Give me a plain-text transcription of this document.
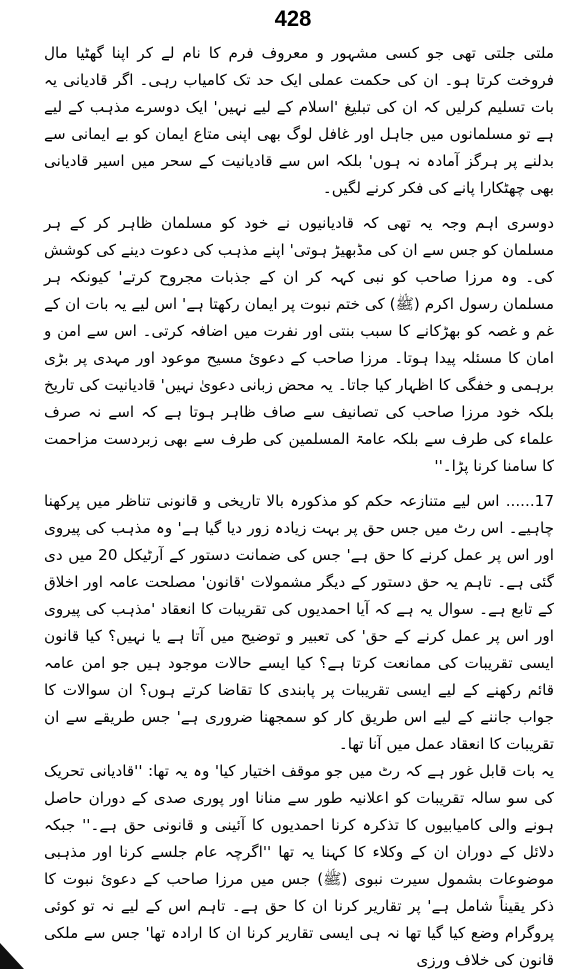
428

ملتی جلتی تھی جو کسی مشہور و معروف فرم کا نام لے کر اپنا گھٹیا مال فروخت کرتا ہو۔ ان کی حکمت عملی ایک حد تک کامیاب رہی۔ اگر قادیانی یہ بات تسلیم کرلیں کہ ان کی تبلیغ 'اسلام کے لیے نہیں' ایک دوسرے مذہب کے لیے ہے تو مسلمانوں میں جاہل اور غافل لوگ بھی اپنی متاع ایمان کو بے ایمانی سے بدلنے پر ہرگز آمادہ نہ ہوں' بلکہ اس سے قادیانیت کے سحر میں اسیر قادیانی بھی چھٹکارا پانے کی فکر کرنے لگیں۔

دوسری اہم وجہ یہ تھی کہ قادیانیوں نے خود کو مسلمان ظاہر کر کے ہر مسلمان کو جس سے ان کی مڈبھیڑ ہوتی' اپنے مذہب کی دعوت دینے کی کوشش کی۔ وہ مرزا صاحب کو نبی کہہ کر ان کے جذبات مجروح کرتے' کیونکہ ہر مسلمان رسول اکرم (ﷺ) کی ختم نبوت پر ایمان رکھتا ہے' اس لیے یہ بات ان کے غم و غصہ کو بھڑکانے کا سبب بنتی اور نفرت میں اضافہ کرتی۔ اس سے امن و امان کا مسئلہ پیدا ہوتا۔ مرزا صاحب کے دعوئ مسیح موعود اور مہدی پر بڑی برہمی و خفگی کا اظہار کیا جاتا۔ یہ محض زبانی دعویٰ نہیں' قادیانیت کی تاریخ بلکہ خود مرزا صاحب کی تصانیف سے صاف ظاہر ہوتا ہے کہ اسے نہ صرف علماء کی طرف سے بلکہ عامۃ المسلمین کی طرف سے بھی زبردست مزاحمت کا سامنا کرنا پڑا۔''

17...... اس لیے متنازعہ حکم کو مذکورہ بالا تاریخی و قانونی تناظر میں پرکھنا چاہیے۔ اس رٹ میں جس حق پر بہت زیادہ زور دیا گیا ہے' وہ مذہب کی پیروی اور اس پر عمل کرنے کا حق ہے' جس کی ضمانت دستور کے آرٹیکل 20 میں دی گئی ہے۔ تاہم یہ حق دستور کے دیگر مشمولات 'قانون' مصلحت عامہ اور اخلاق کے تابع ہے۔ سوال یہ ہے کہ آیا احمدیوں کی تقریبات کا انعقاد 'مذہب کی پیروی اور اس پر عمل کرنے کے حق' کی تعبیر و توضیح میں آتا ہے یا نہیں؟ کیا قانون ایسی تقریبات کی ممانعت کرتا ہے؟ کیا ایسے حالات موجود ہیں جو امن عامہ قائم رکھنے کے لیے ایسی تقریبات پر پابندی کا تقاضا کرتے ہوں؟ ان سوالات کا جواب جاننے کے لیے اس طریق کار کو سمجھنا ضروری ہے' جس طریقے سے ان تقریبات کا انعقاد عمل میں آنا تھا۔

یہ بات قابل غور ہے کہ رٹ میں جو موقف اختیار کیا' وہ یہ تھا: ''قادیانی تحریک کی سو سالہ تقریبات کو اعلانیہ طور سے منانا اور پوری صدی کے دوران حاصل ہونے والی کامیابیوں کا تذکرہ کرنا احمدیوں کا آئینی و قانونی حق ہے۔'' جبکہ دلائل کے دوران ان کے وکلاء کا کہنا یہ تھا ''اگرچہ عام جلسے کرنا اور مذہبی موضوعات بشمول سیرت نبوی (ﷺ) جس میں مرزا صاحب کے دعوئ نبوت کا ذکر یقیناً شامل ہے' پر تقاریر کرنا ان کا حق ہے۔ تاہم اس کے لیے نہ تو کوئی پروگرام وضع کیا گیا تھا نہ ہی ایسی تقاریر کرنا ان کا ارادہ تھا' جس سے ملکی قانون کی خلاف ورزی
